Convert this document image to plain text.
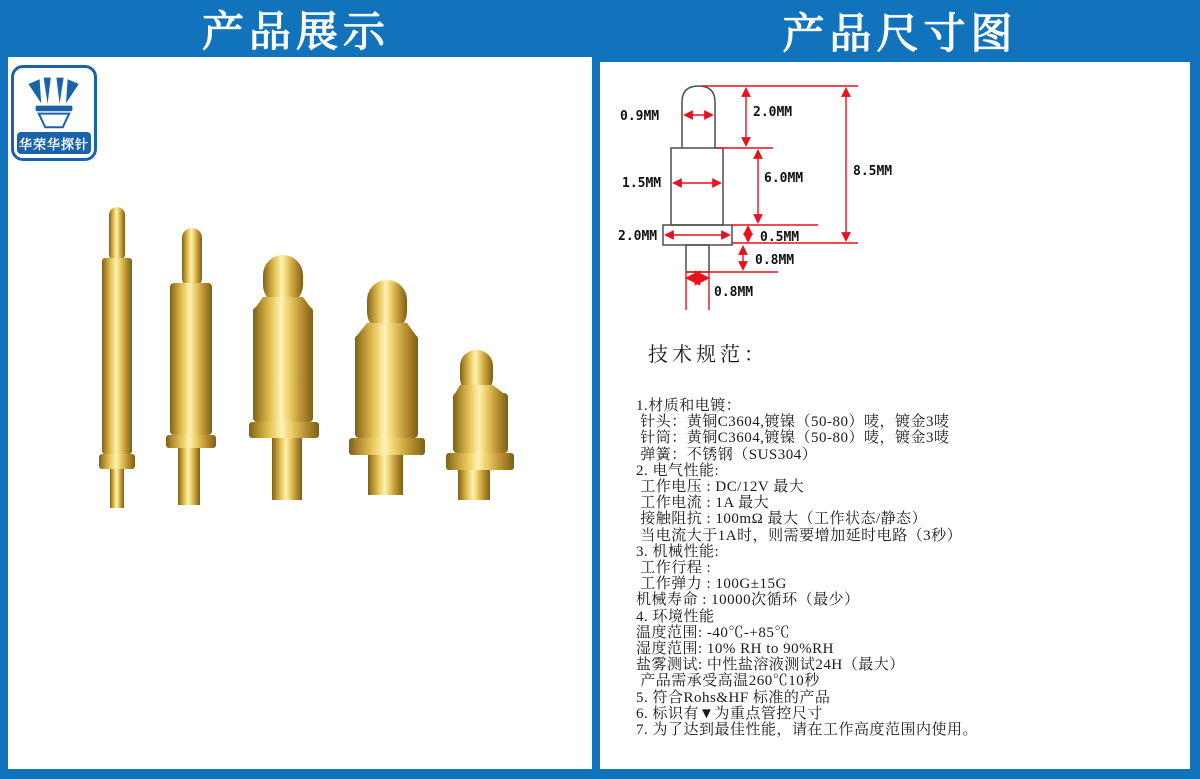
产品展示	产品尺寸图
华荣华探针
0.9MM	2.0MM
1.5MM	6.0MM	8.5MM
2.0MM	0.5MM
0.8MM
0.8MM
技术规范：
1.材质和电镀：
针头：黄铜C3604,镀镍（50-80）唛，镀金3唛
针筒：黄铜C3604,镀镍（50-80）唛，镀金3唛
弹簧：不锈钢（SUS304）
2. 电气性能:
工作电压 : DC/12V 最大
工作电流 : 1A 最大
接触阻抗 : 100mΩ 最大（工作状态/静态）
当电流大于1A时，则需要增加延时电路（3秒）
3. 机械性能:
工作行程 :
工作弹力 : 100G±15G
机械寿命 : 10000次循环（最少）
4. 环境性能
温度范围: -40℃-+85℃
湿度范围: 10% RH to 90%RH
盐雾测试: 中性盐溶液测试24H（最大）
产品需承受高温260℃10秒
5. 符合Rohs&HF 标准的产品
6. 标识有▼为重点管控尺寸
7. 为了达到最佳性能，请在工作高度范围内使用。
